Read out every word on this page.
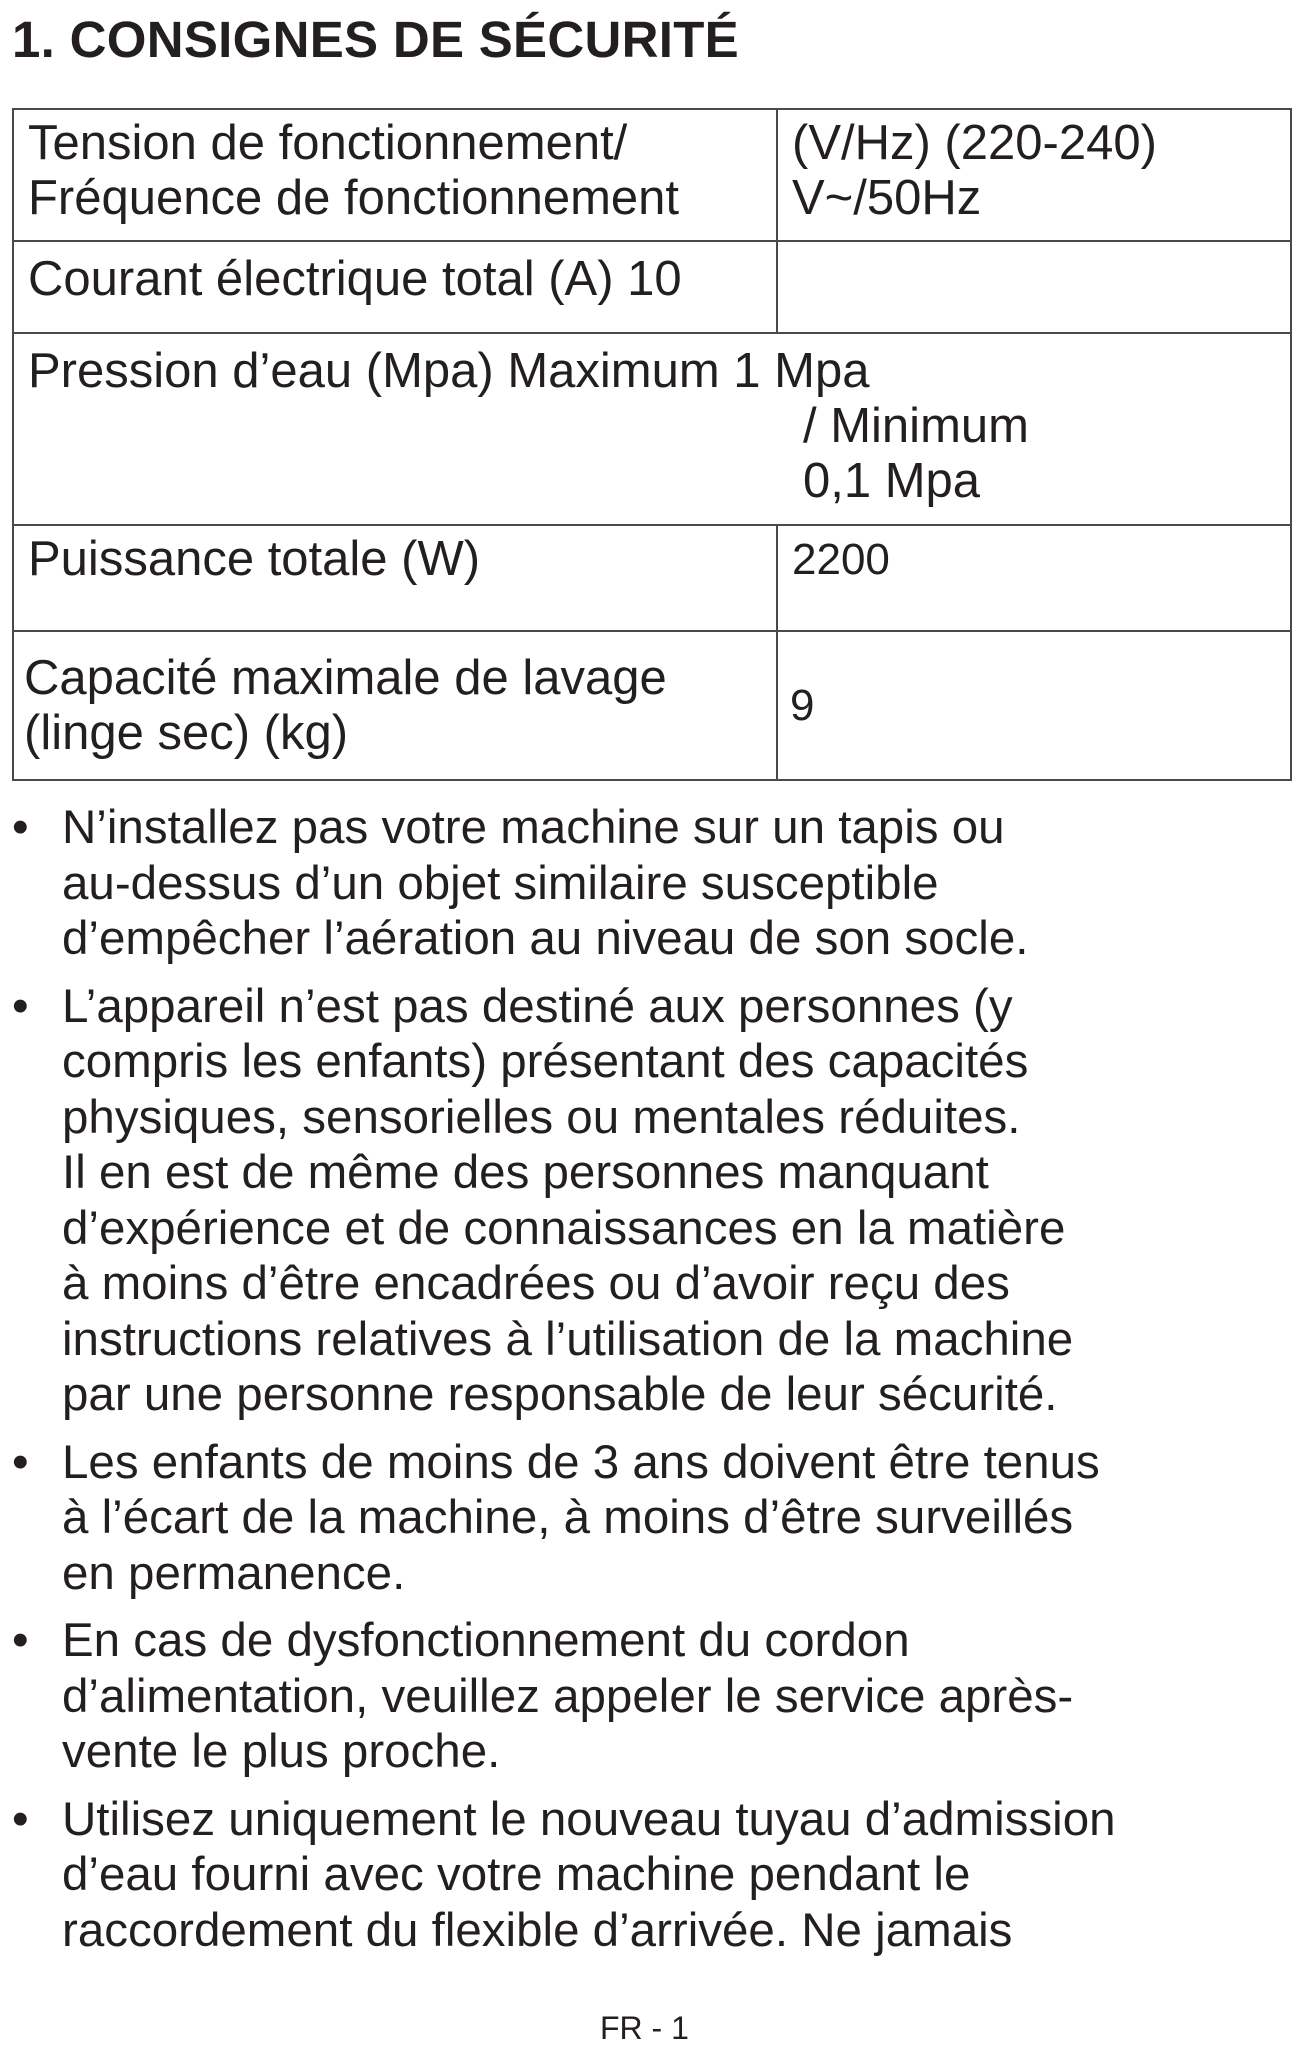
1. CONSIGNES DE SÉCURITÉ
Tension de fonctionnement/
Fréquence de fonctionnement	(V/Hz) (220-240)
V~/50Hz

Courant électrique total (A) 10	

Pression d’eau (Mpa) Maximum 1 Mpa
/ Minimum
0,1 Mpa	

Puissance totale (W)	2200

Capacité maximale de lavage
(linge sec) (kg)	9
• N’installez pas votre machine sur un tapis ou
au-dessus d’un objet similaire susceptible
d’empêcher l’aération au niveau de son socle.
• L’appareil n’est pas destiné aux personnes (y
compris les enfants) présentant des capacités
physiques, sensorielles ou mentales réduites.
Il en est de même des personnes manquant
d’expérience et de connaissances en la matière
à moins d’être encadrées ou d’avoir reçu des
instructions relatives à l’utilisation de la machine
par une personne responsable de leur sécurité.
• Les enfants de moins de 3 ans doivent être tenus
à l’écart de la machine, à moins d’être surveillés
en permanence.
• En cas de dysfonctionnement du cordon
d’alimentation, veuillez appeler le service après-
vente le plus proche.
• Utilisez uniquement le nouveau tuyau d’admission
d’eau fourni avec votre machine pendant le
raccordement du flexible d’arrivée. Ne jamais
FR - 1
